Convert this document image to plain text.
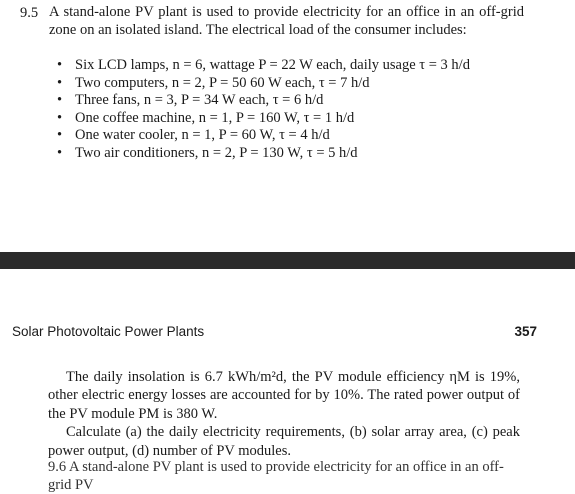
9.5 A stand-alone PV plant is used to provide electricity for an office in an off-grid zone on an isolated island. The electrical load of the consumer includes:
• Six LCD lamps, n = 6, wattage P = 22 W each, daily usage τ = 3 h/d
• Two computers, n = 2, P = 50 60 W each, τ = 7 h/d
• Three fans, n = 3, P = 34 W each, τ = 6 h/d
• One coffee machine, n = 1, P = 160 W, τ = 1 h/d
• One water cooler, n = 1, P = 60 W, τ = 4 h/d
• Two air conditioners, n = 2, P = 130 W, τ = 5 h/d
Solar Photovoltaic Power Plants	357

The daily insolation is 6.7 kWh/m²d, the PV module efficiency ηM is 19%, other electric energy losses are accounted for by 10%. The rated power output of the PV module PM is 380 W.

Calculate (a) the daily electricity requirements, (b) solar array area, (c) peak power output, (d) number of PV modules.

9.6 A stand-alone PV plant is used to provide electricity for an office in an off-grid PV
